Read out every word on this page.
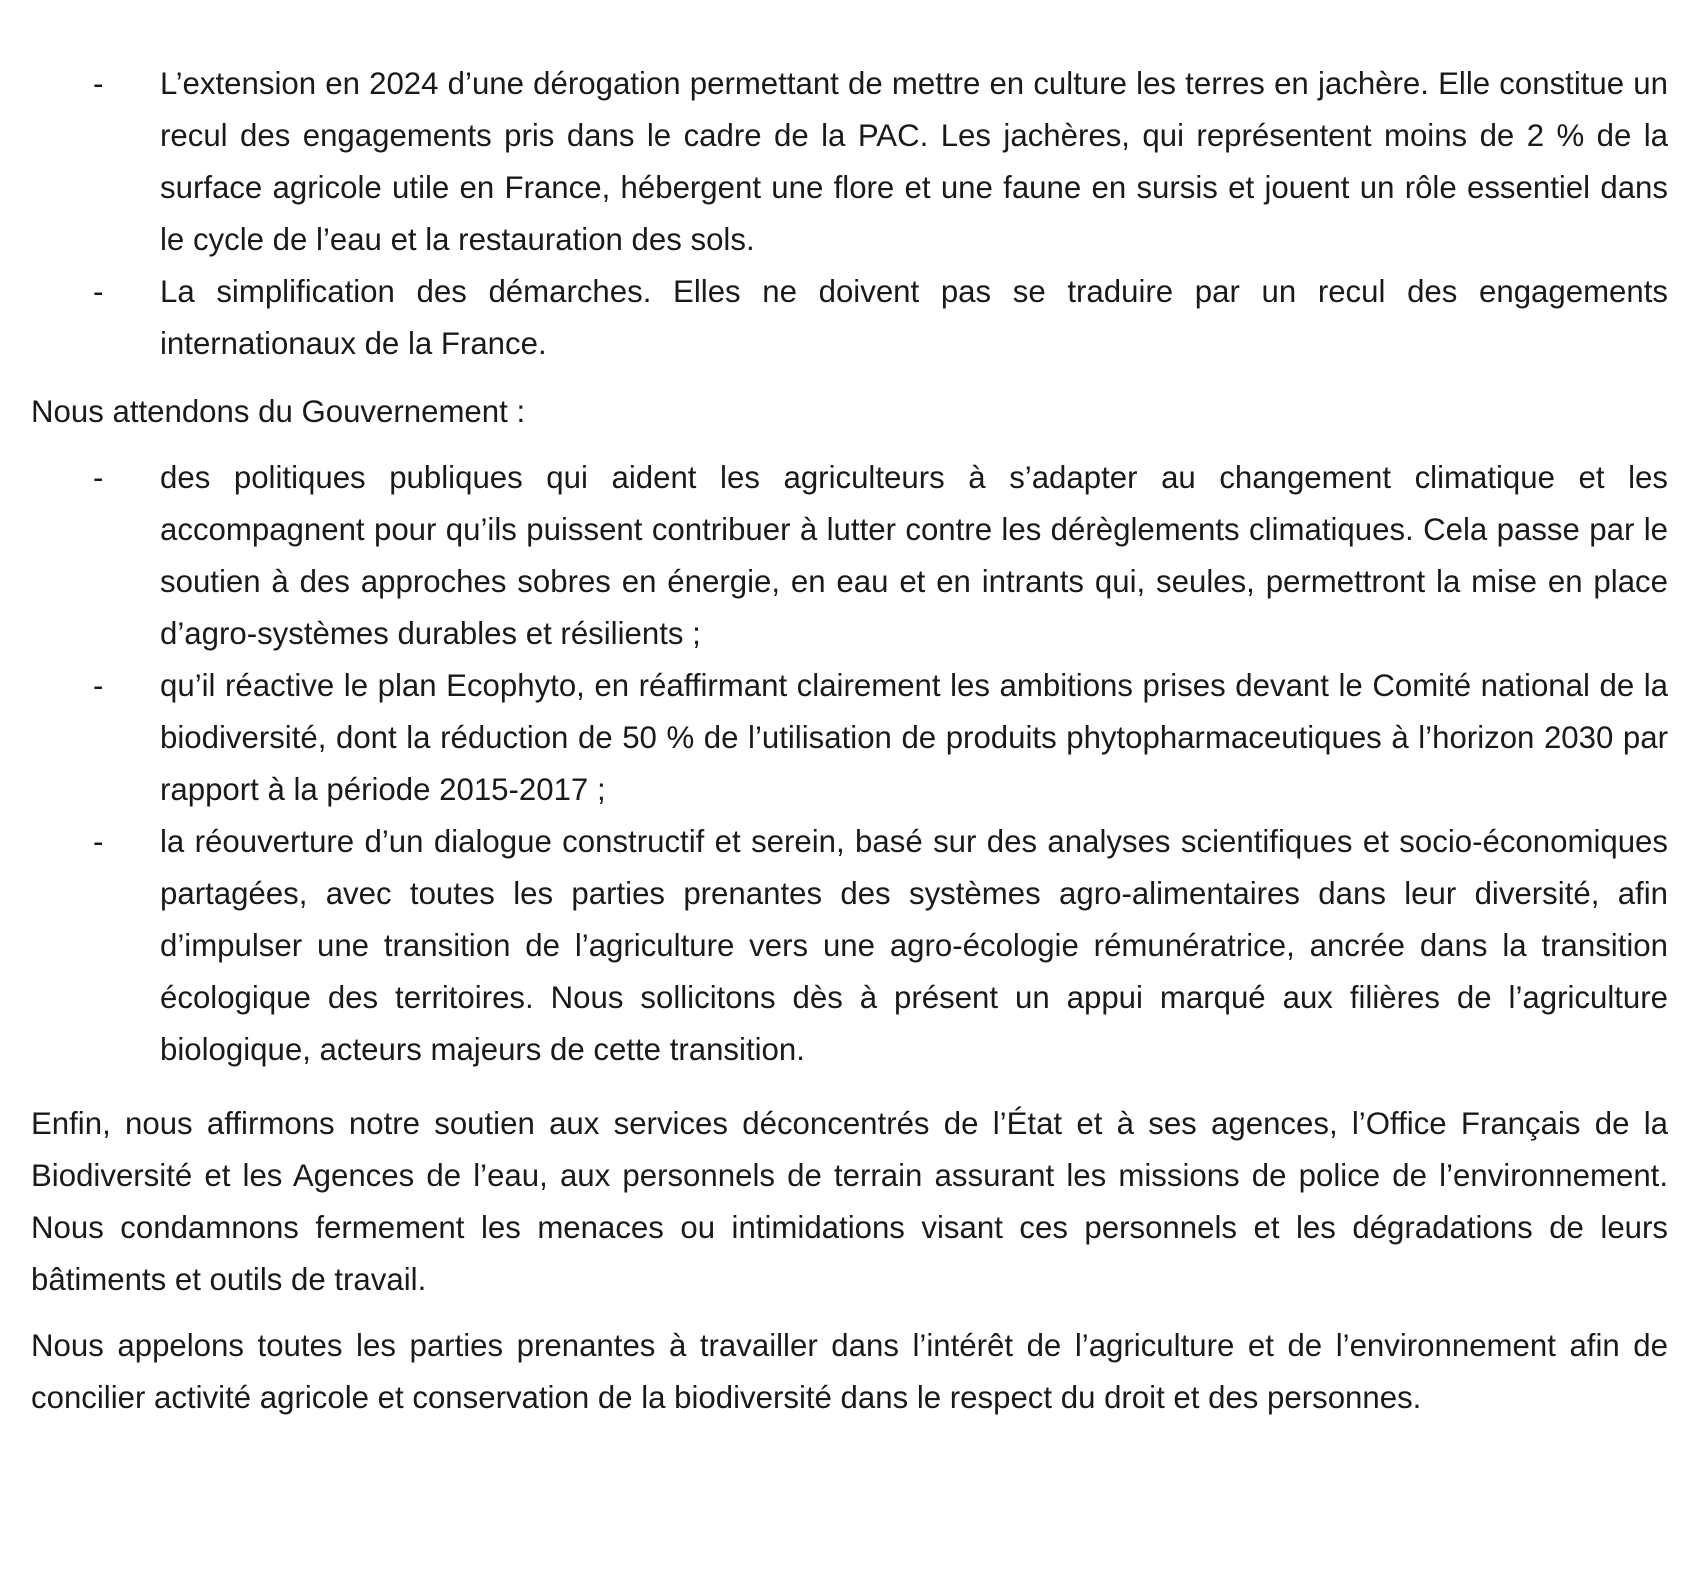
- L’extension en 2024 d’une dérogation permettant de mettre en culture les terres en jachère. Elle constitue un recul des engagements pris dans le cadre de la PAC. Les jachères, qui représentent moins de 2 % de la surface agricole utile en France, hébergent une flore et une faune en sursis et jouent un rôle essentiel dans le cycle de l’eau et la restauration des sols.
- La simplification des démarches. Elles ne doivent pas se traduire par un recul des engagements internationaux de la France.

Nous attendons du Gouvernement :

- des politiques publiques qui aident les agriculteurs à s’adapter au changement climatique et les accompagnent pour qu’ils puissent contribuer à lutter contre les dérèglements climatiques. Cela passe par le soutien à des approches sobres en énergie, en eau et en intrants qui, seules, permettront la mise en place d’agro-systèmes durables et résilients ;
- qu’il réactive le plan Ecophyto, en réaffirmant clairement les ambitions prises devant le Comité national de la biodiversité, dont la réduction de 50 % de l’utilisation de produits phytopharmaceutiques à l’horizon 2030 par rapport à la période 2015-2017 ;
- la réouverture d’un dialogue constructif et serein, basé sur des analyses scientifiques et socio-économiques partagées, avec toutes les parties prenantes des systèmes agro-alimentaires dans leur diversité, afin d’impulser une transition de l’agriculture vers une agro-écologie rémunératrice, ancrée dans la transition écologique des territoires. Nous sollicitons dès à présent un appui marqué aux filières de l’agriculture biologique, acteurs majeurs de cette transition.

Enfin, nous affirmons notre soutien aux services déconcentrés de l’État et à ses agences, l’Office Français de la Biodiversité et les Agences de l’eau, aux personnels de terrain assurant les missions de police de l’environnement. Nous condamnons fermement les menaces ou intimidations visant ces personnels et les dégradations de leurs bâtiments et outils de travail.

Nous appelons toutes les parties prenantes à travailler dans l’intérêt de l’agriculture et de l’environnement afin de concilier activité agricole et conservation de la biodiversité dans le respect du droit et des personnes.
